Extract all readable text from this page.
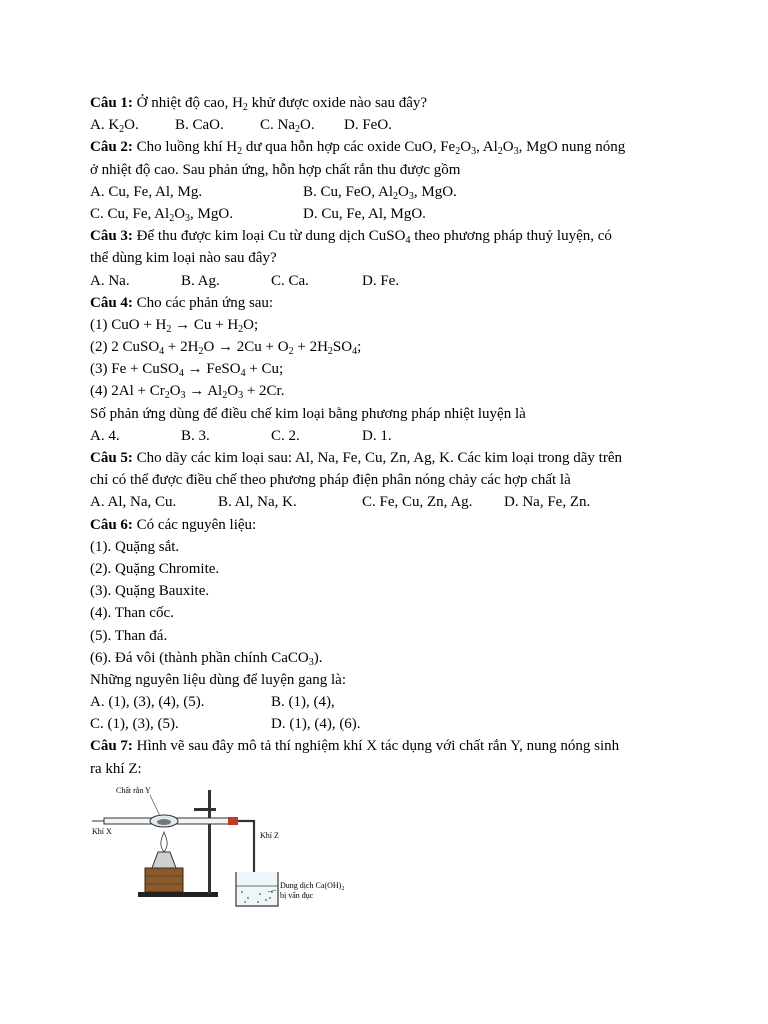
Câu 1: Ở nhiệt độ cao, $H_2$ khử được oxide nào sau đây?
A. $K_2O$. B. CaO. C. $Na_2O$. D. FeO.
Câu 2: Cho luồng khí $H_2$ dư qua hỗn hợp các oxide CuO, $Fe_2O_3$, $Al_2O_3$, MgO nung nóng
ở nhiệt độ cao. Sau phản ứng, hỗn hợp chất rắn thu được gồm
A. Cu, Fe, Al, Mg.	B. Cu, FeO, $Al_2O_3$, MgO.
C. Cu, Fe, $Al_2O_3$, MgO.	D. Cu, Fe, Al, MgO.
Câu 3: Để thu được kim loại Cu từ dung dịch CuSO$_4$ theo phương pháp thuỷ luyện, có
thể dùng kim loại nào sau đây?
A. Na.	B. Ag.	C. Ca.	D. Fe.
Câu 4: Cho các phản ứng sau:
(1) CuO + $H_2 \to Cu + H_2O$;
(2) 2 CuSO$_4$ + $2H_2O \to 2Cu + O_2 + 2H_2SO_4$;
(3) Fe + CuSO$_4$ → FeSO$_4$ + Cu;
(4) $2Al + Cr_2O_3 \to Al_2O_3 + 2Cr$.
Số phản ứng dùng để điều chế kim loại bằng phương pháp nhiệt luyện là
A. 4.	B. 3.	C. 2.	D. 1.
Câu 5: Cho dãy các kim loại sau: Al, Na, Fe, Cu, Zn, Ag, K. Các kim loại trong dãy trên
chỉ có thể được điều chế theo phương pháp điện phân nóng chảy các hợp chất là
A. Al, Na, Cu.	B. Al, Na, K.	C. Fe, Cu, Zn, Ag. D. Na, Fe, Zn.
Câu 6: Có các nguyên liệu:
(1). Quặng sắt.
(2). Quặng Chromite.
(3). Quặng Bauxite.
(4). Than cốc.
(5). Than đá.
(6). Đá vôi (thành phần chính CaCO$_3$).
Những nguyên liệu dùng để luyện gang là:
A. (1), (3), (4), (5).	B. (1), (4),
C. (1), (3), (5).	D. (1), (4), (6).
Câu 7: Hình vẽ sau đây mô tả thí nghiệm khí X tác dụng với chất rắn Y, nung nóng sinh
ra khí Z:
Chất rắn Y
Khí X	Khí Z
Dung dịch $Ca(OH)_2$
bị vẩn đục
